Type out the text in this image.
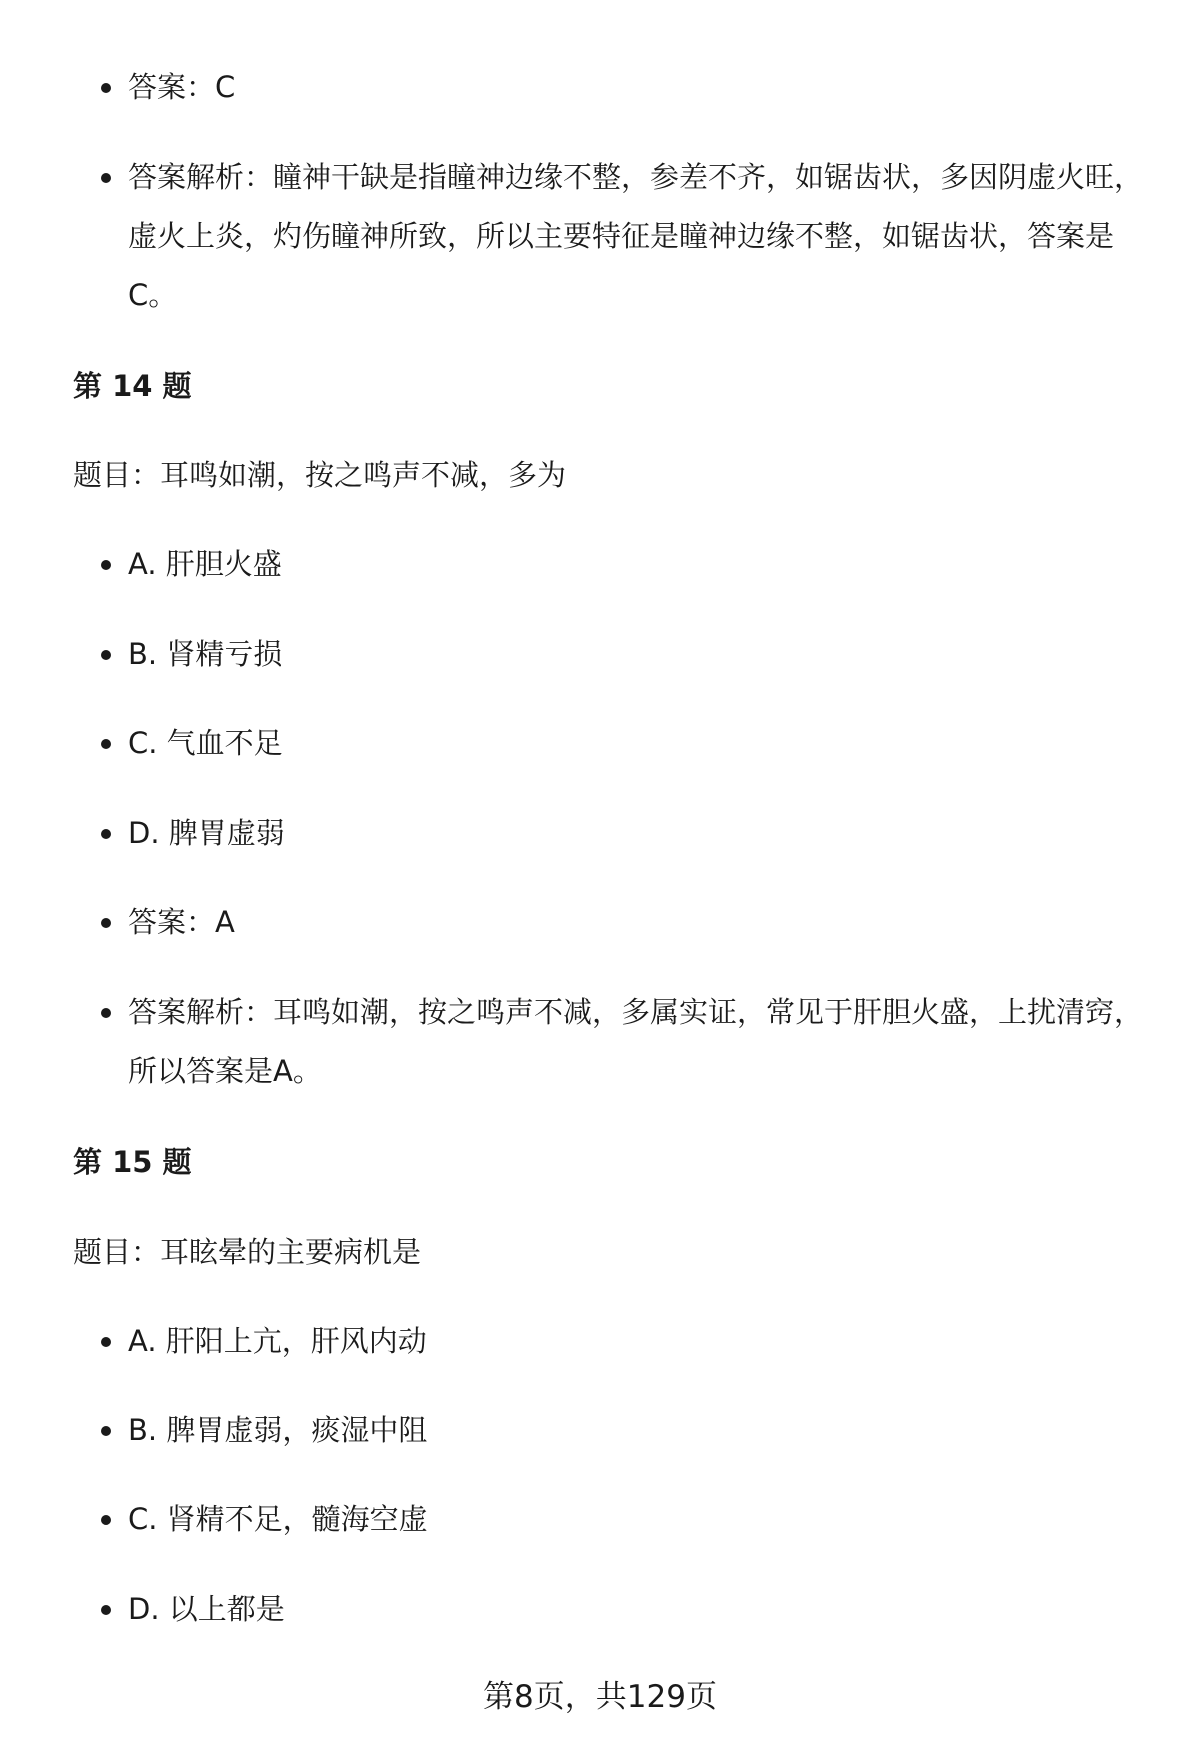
答案：C
答案解析：瞳神干缺是指瞳神边缘不整，参差不齐，如锯齿状，多因阴虚火旺，虚火上炎，灼伤瞳神所致，所以主要特征是瞳神边缘不整，如锯齿状，答案是C。
第 14 题
题目：耳鸣如潮，按之鸣声不减，多为
A. 肝胆火盛
B. 肾精亏损
C. 气血不足
D. 脾胃虚弱
答案：A
答案解析：耳鸣如潮，按之鸣声不减，多属实证，常见于肝胆火盛，上扰清窍，所以答案是A。
第 15 题
题目：耳眩晕的主要病机是
A. 肝阳上亢，肝风内动
B. 脾胃虚弱，痰湿中阻
C. 肾精不足，髓海空虚
D. 以上都是
第8页，共129页
